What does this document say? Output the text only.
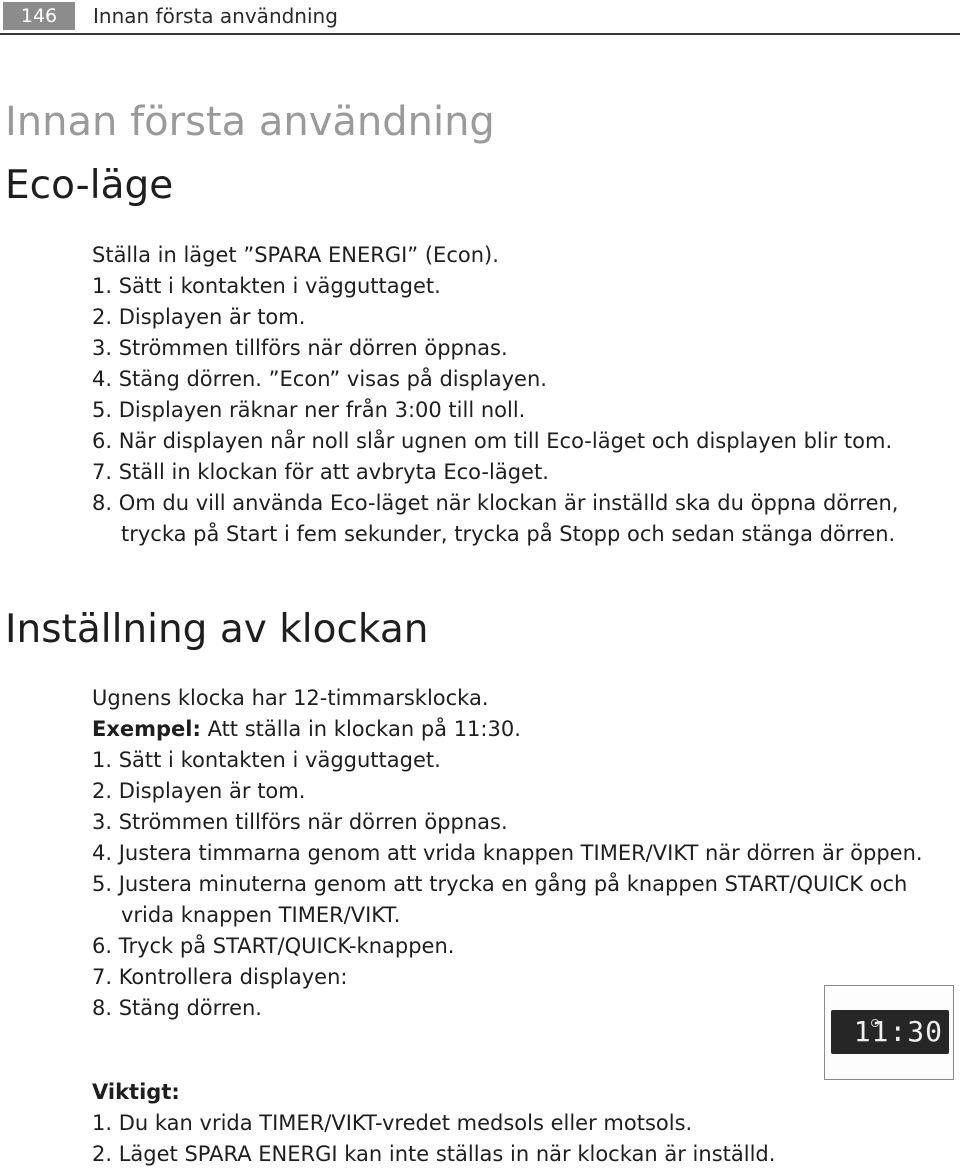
146	Innan första användning
Innan första användning
Eco-läge
Ställa in läget ”SPARA ENERGI” (Econ).
1. Sätt i kontakten i vägguttaget.
2. Displayen är tom.
3. Strömmen tillförs när dörren öppnas.
4. Stäng dörren. ”Econ” visas på displayen.
5. Displayen räknar ner från 3:00 till noll.
6. När displayen når noll slår ugnen om till Eco-läget och displayen blir tom.
7. Ställ in klockan för att avbryta Eco-läget.
8. Om du vill använda Eco-läget när klockan är inställd ska du öppna dörren,
trycka på Start i fem sekunder, trycka på Stopp och sedan stänga dörren.
Inställning av klockan
Ugnens klocka har 12-timmarsklocka.
Exempel: Att ställa in klockan på 11:30.
1. Sätt i kontakten i vägguttaget.
2. Displayen är tom.
3. Strömmen tillförs när dörren öppnas.
4. Justera timmarna genom att vrida knappen TIMER/VIKT när dörren är öppen.
5. Justera minuterna genom att trycka en gång på knappen START/QUICK och
vrida knappen TIMER/VIKT.
6. Tryck på START/QUICK-knappen.
7. Kontrollera displayen:
8. Stäng dörren.
11:30
Viktigt:
1. Du kan vrida TIMER/VIKT-vredet medsols eller motsols.
2. Läget SPARA ENERGI kan inte ställas in när klockan är inställd.
